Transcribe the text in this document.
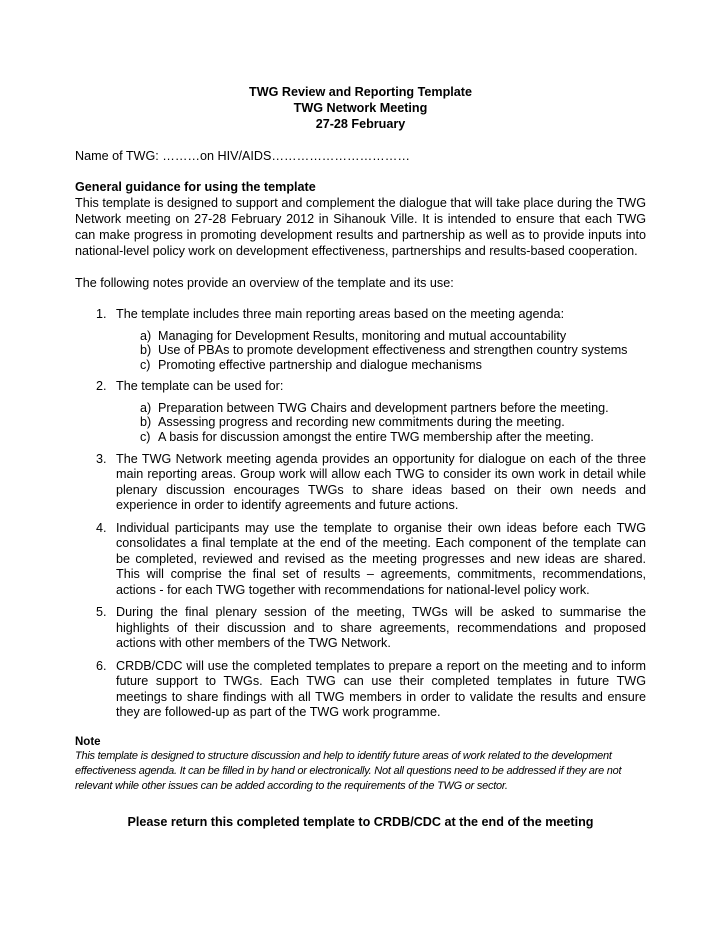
TWG Review and Reporting Template
TWG Network Meeting
27-28 February
Name of TWG: ………on HIV/AIDS……………………………
General guidance for using the template
This template is designed to support and complement the dialogue that will take place during the TWG Network meeting on 27-28 February 2012 in Sihanouk Ville. It is intended to ensure that each TWG can make progress in promoting development results and partnership as well as to provide inputs into national-level policy work on development effectiveness, partnerships and results-based cooperation.
The following notes provide an overview of the template and its use:
1. The template includes three main reporting areas based on the meeting agenda:
a) Managing for Development Results, monitoring and mutual accountability
b) Use of PBAs to promote development effectiveness and strengthen country systems
c) Promoting effective partnership and dialogue mechanisms
2. The template can be used for:
a) Preparation between TWG Chairs and development partners before the meeting.
b) Assessing progress and recording new commitments during the meeting.
c) A basis for discussion amongst the entire TWG membership after the meeting.
3. The TWG Network meeting agenda provides an opportunity for dialogue on each of the three main reporting areas. Group work will allow each TWG to consider its own work in detail while plenary discussion encourages TWGs to share ideas based on their own needs and experience in order to identify agreements and future actions.
4. Individual participants may use the template to organise their own ideas before each TWG consolidates a final template at the end of the meeting. Each component of the template can be completed, reviewed and revised as the meeting progresses and new ideas are shared. This will comprise the final set of results – agreements, commitments, recommendations, actions - for each TWG together with recommendations for national-level policy work.
5. During the final plenary session of the meeting, TWGs will be asked to summarise the highlights of their discussion and to share agreements, recommendations and proposed actions with other members of the TWG Network.
6. CRDB/CDC will use the completed templates to prepare a report on the meeting and to inform future support to TWGs. Each TWG can use their completed templates in future TWG meetings to share findings with all TWG members in order to validate the results and ensure they are followed-up as part of the TWG work programme.
Note
This template is designed to structure discussion and help to identify future areas of work related to the development effectiveness agenda. It can be filled in by hand or electronically. Not all questions need to be addressed if they are not relevant while other issues can be added according to the requirements of the TWG or sector.
Please return this completed template to CRDB/CDC at the end of the meeting
